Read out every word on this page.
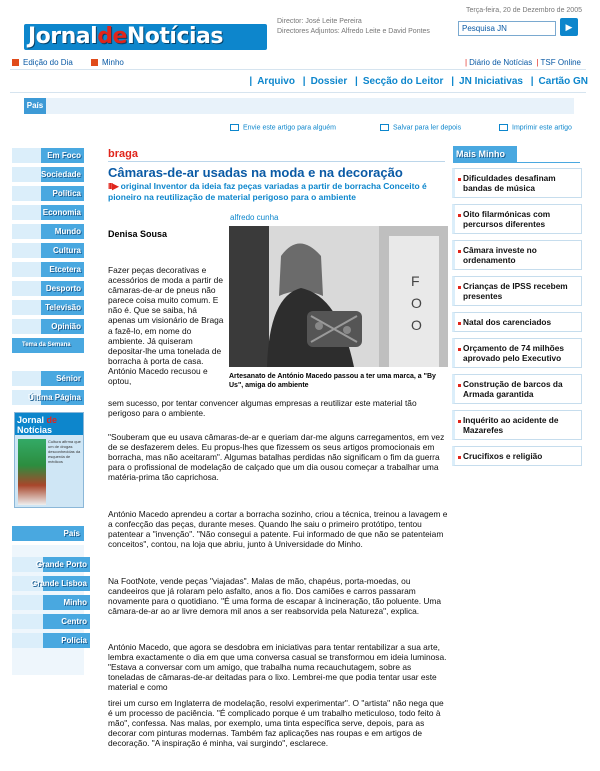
JornaldeNotícias
Director: José Leite Pereira
Directores Adjuntos: Alfredo Leite e David Pontes
Terça-feira, 20 de Dezembro de 2005
Pesquisa JN	▶
Edição do Dia	Minho	| Diário de Notícias | TSF Online
| Arquivo | Dossier | Secção do Leitor | JN Iniciativas | Cartão GN
País
Envie este artigo para alguém	Salvar para ler depois	Imprimir este artigo
Em Foco
Sociedade
Política
Economia
Mundo
Cultura
Etcetera
Desporto
Televisão
Opinião
Tema da Semana
Sénior
Última Página
Jornal de
Notícias
Cultura afirma que um de drogas desconhecidas da esquerda de médicos
País
Grande Porto
Grande Lisboa
Minho
Centro
Polícia
braga
Câmaras-de-ar usadas na moda e na decoração
III▶ original Inventor da ideia faz peças variadas a partir de borracha Conceito é pioneiro na reutilização de material perigoso para o ambiente
alfredo cunha
Denisa Sousa
F
O
O
Artesanato de António Macedo passou a ter uma marca, a "By Us", amiga do ambiente
Fazer peças decorativas e acessórios de moda a partir de câmaras-de-ar de pneus não parece coisa muito comum. E não é. Que se saiba, há apenas um visionário de Braga a fazê-lo, em nome do ambiente. Já quiseram depositar-lhe uma tonelada de borracha à porta de casa. António Macedo recusou e optou,
sem sucesso, por tentar convencer algumas empresas a reutilizar este material tão perigoso para o ambiente.
"Souberam que eu usava câmaras-de-ar e queriam dar-me alguns carregamentos, em vez de se desfazerem deles. Eu propus-lhes que fizessem os seus artigos promocionais em borracha, mas não aceitaram". Algumas batalhas perdidas não significam o fim da guerra para o profissional de modelação de calçado que um dia ousou começar a trabalhar uma matéria-prima tão caprichosa.
António Macedo aprendeu a cortar a borracha sozinho, criou a técnica, treinou a lavagem e a confecção das peças, durante meses. Quando lhe saiu o primeiro protótipo, tentou patentear a "invenção". "Não consegui a patente. Fui informado de que não se patenteiam conceitos", contou, na loja que abriu, junto à Universidade do Minho.
Na FootNote, vende peças "viajadas". Malas de mão, chapéus, porta-moedas, ou candeeiros que já rolaram pelo asfalto, anos a fio. Dos camiões e carros passaram novamente para o quotidiano. "É uma forma de escapar à incineração, tão poluente. Uma câmara-de-ar ao ar livre demora mil anos a ser reabsorvida pela Natureza", explica.
António Macedo, que agora se desdobra em iniciativas para tentar rentabilizar a sua arte, lembra exactamente o dia em que uma conversa casual se transformou em ideia luminosa. "Estava a conversar com um amigo, que trabalha numa recauchutagem, sobre as toneladas de câmaras-de-ar deitadas para o lixo. Lembrei-me que podia tentar usar este material e como
tirei um curso em Inglaterra de modelação, resolvi experimentar". O "artista" não nega que é um processo de paciência. "É complicado porque é um trabalho meticuloso, todo feito à mão", confessa. Nas malas, por exemplo, uma tinta específica serve, depois, para as decorar com pinturas modernas. Também faz aplicações nas roupas e em artigos de decoração. "A inspiração é minha, vai surgindo", esclarece.
Mais Minho
Dificuldades desafinam bandas de música
Oito filarmónicas com percursos diferentes
Câmara investe no ordenamento
Crianças de IPSS recebem presentes
Natal dos carenciados
Orçamento de 74 milhões aprovado pelo Executivo
Construção de barcos da Armada garantida
Inquérito ao acidente de Mazarefes
Crucifixos e religião
